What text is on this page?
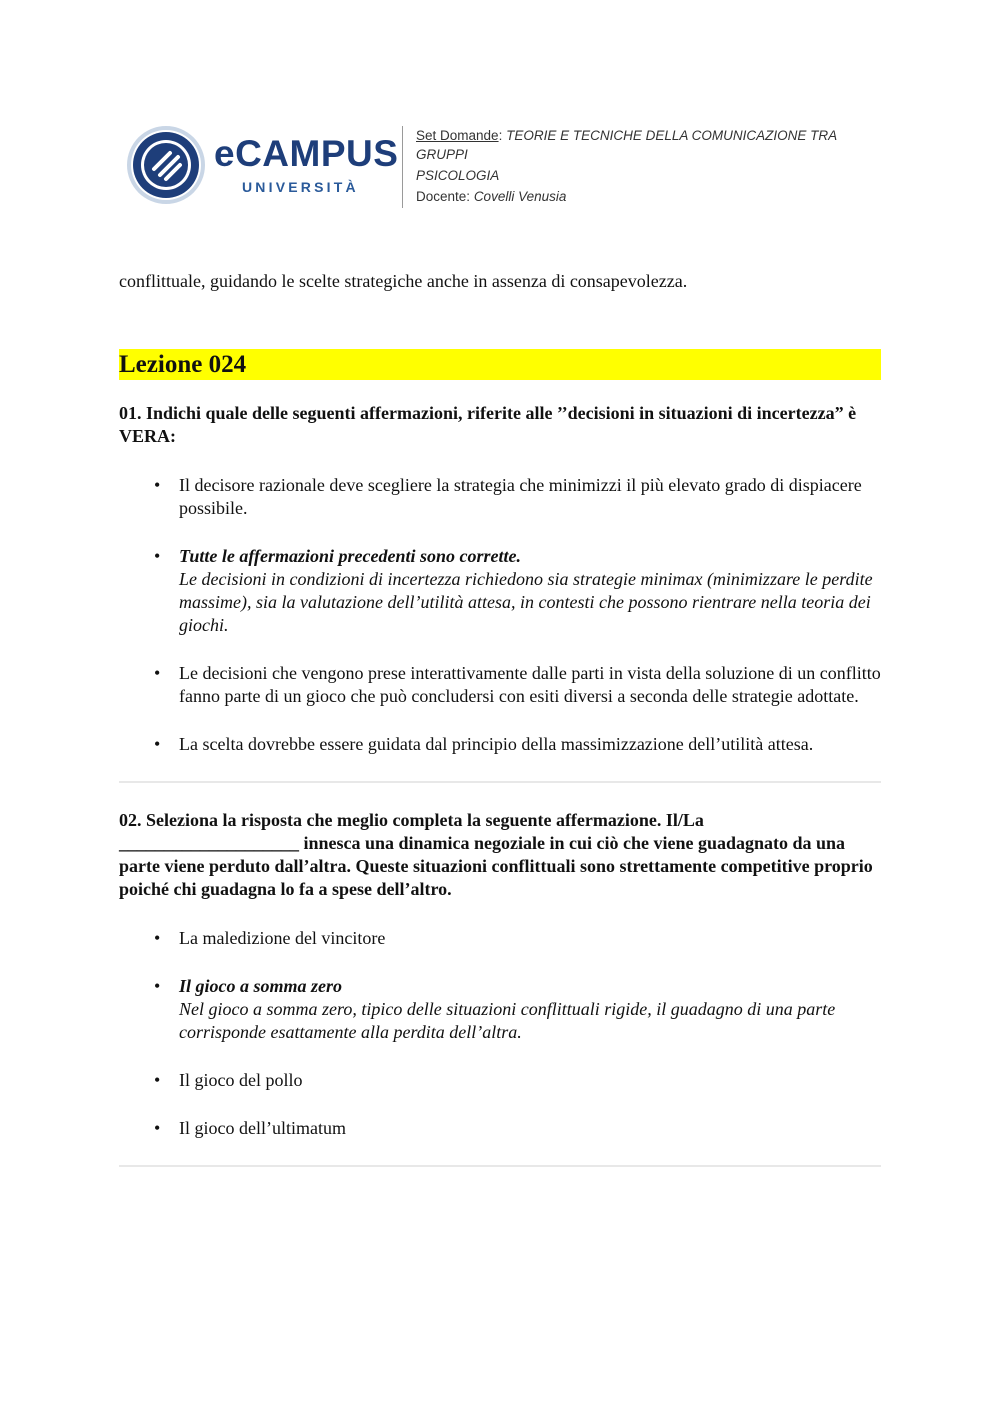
eCAMPUS
UNIVERSITÀ
Set Domande: TEORIE E TECNICHE DELLA COMUNICAZIONE TRA GRUPPI
PSICOLOGIA
Docente: Covelli Venusia

conflittuale, guidando le scelte strategiche anche in assenza di consapevolezza.

Lezione 024

01. Indichi quale delle seguenti affermazioni, riferite alle ’’decisioni in situazioni di incertezza” è VERA:

• Il decisore razionale deve scegliere la strategia che minimizzi il più elevato grado di dispiacere possibile.
• Tutte le affermazioni precedenti sono corrette.
Le decisioni in condizioni di incertezza richiedono sia strategie minimax (minimizzare le perdite massime), sia la valutazione dell’utilità attesa, in contesti che possono rientrare nella teoria dei giochi.
• Le decisioni che vengono prese interattivamente dalle parti in vista della soluzione di un conflitto fanno parte di un gioco che può concludersi con esiti diversi a seconda delle strategie adottate.
• La scelta dovrebbe essere guidata dal principio della massimizzazione dell’utilità attesa.

02. Seleziona la risposta che meglio completa la seguente affermazione. Il/La ____________________ innesca una dinamica negoziale in cui ciò che viene guadagnato da una parte viene perduto dall’altra. Queste situazioni conflittuali sono strettamente competitive proprio poiché chi guadagna lo fa a spese dell’altro.

• La maledizione del vincitore
• Il gioco a somma zero
Nel gioco a somma zero, tipico delle situazioni conflittuali rigide, il guadagno di una parte corrisponde esattamente alla perdita dell’altra.
• Il gioco del pollo
• Il gioco dell’ultimatum
